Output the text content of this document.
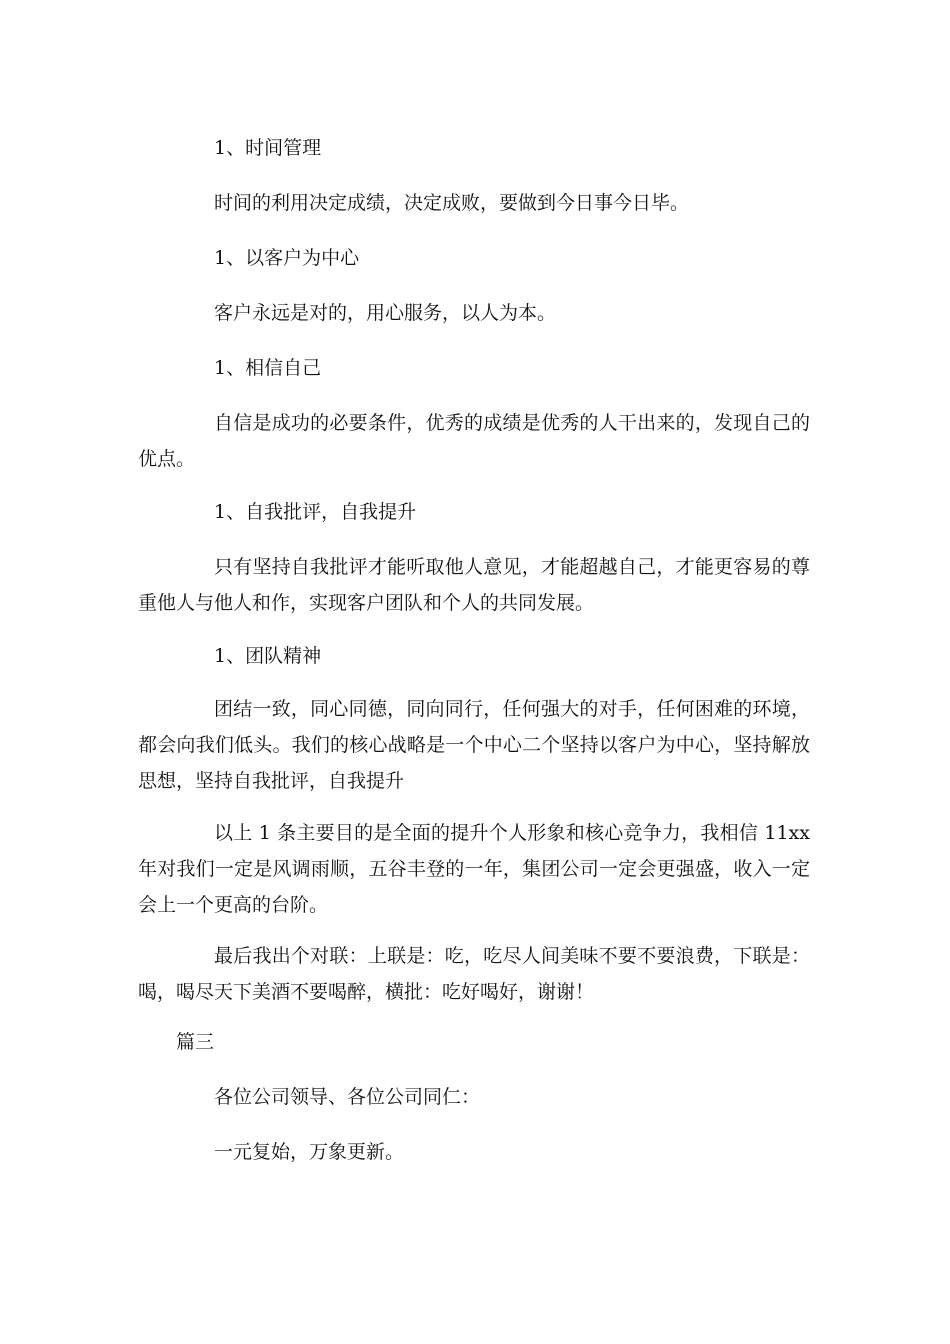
1、时间管理

时间的利用决定成绩，决定成败，要做到今日事今日毕。

1、以客户为中心

客户永远是对的，用心服务，以人为本。

1、相信自己

自信是成功的必要条件，优秀的成绩是优秀的人干出来的，发现自己的优点。

1、自我批评，自我提升

只有坚持自我批评才能听取他人意见，才能超越自己，才能更容易的尊重他人与他人和作，实现客户团队和个人的共同发展。

1、团队精神

团结一致，同心同德，同向同行，任何强大的对手，任何困难的环境，都会向我们低头。我们的核心战略是一个中心二个坚持以客户为中心，坚持解放思想，坚持自我批评，自我提升

以上 1 条主要目的是全面的提升个人形象和核心竞争力，我相信 11xx 年对我们一定是风调雨顺，五谷丰登的一年，集团公司一定会更强盛，收入一定会上一个更高的台阶。

最后我出个对联：上联是：吃，吃尽人间美味不要不要浪费，下联是：喝，喝尽天下美酒不要喝醉，横批：吃好喝好，谢谢！

篇三

各位公司领导、各位公司同仁：

一元复始，万象更新。
